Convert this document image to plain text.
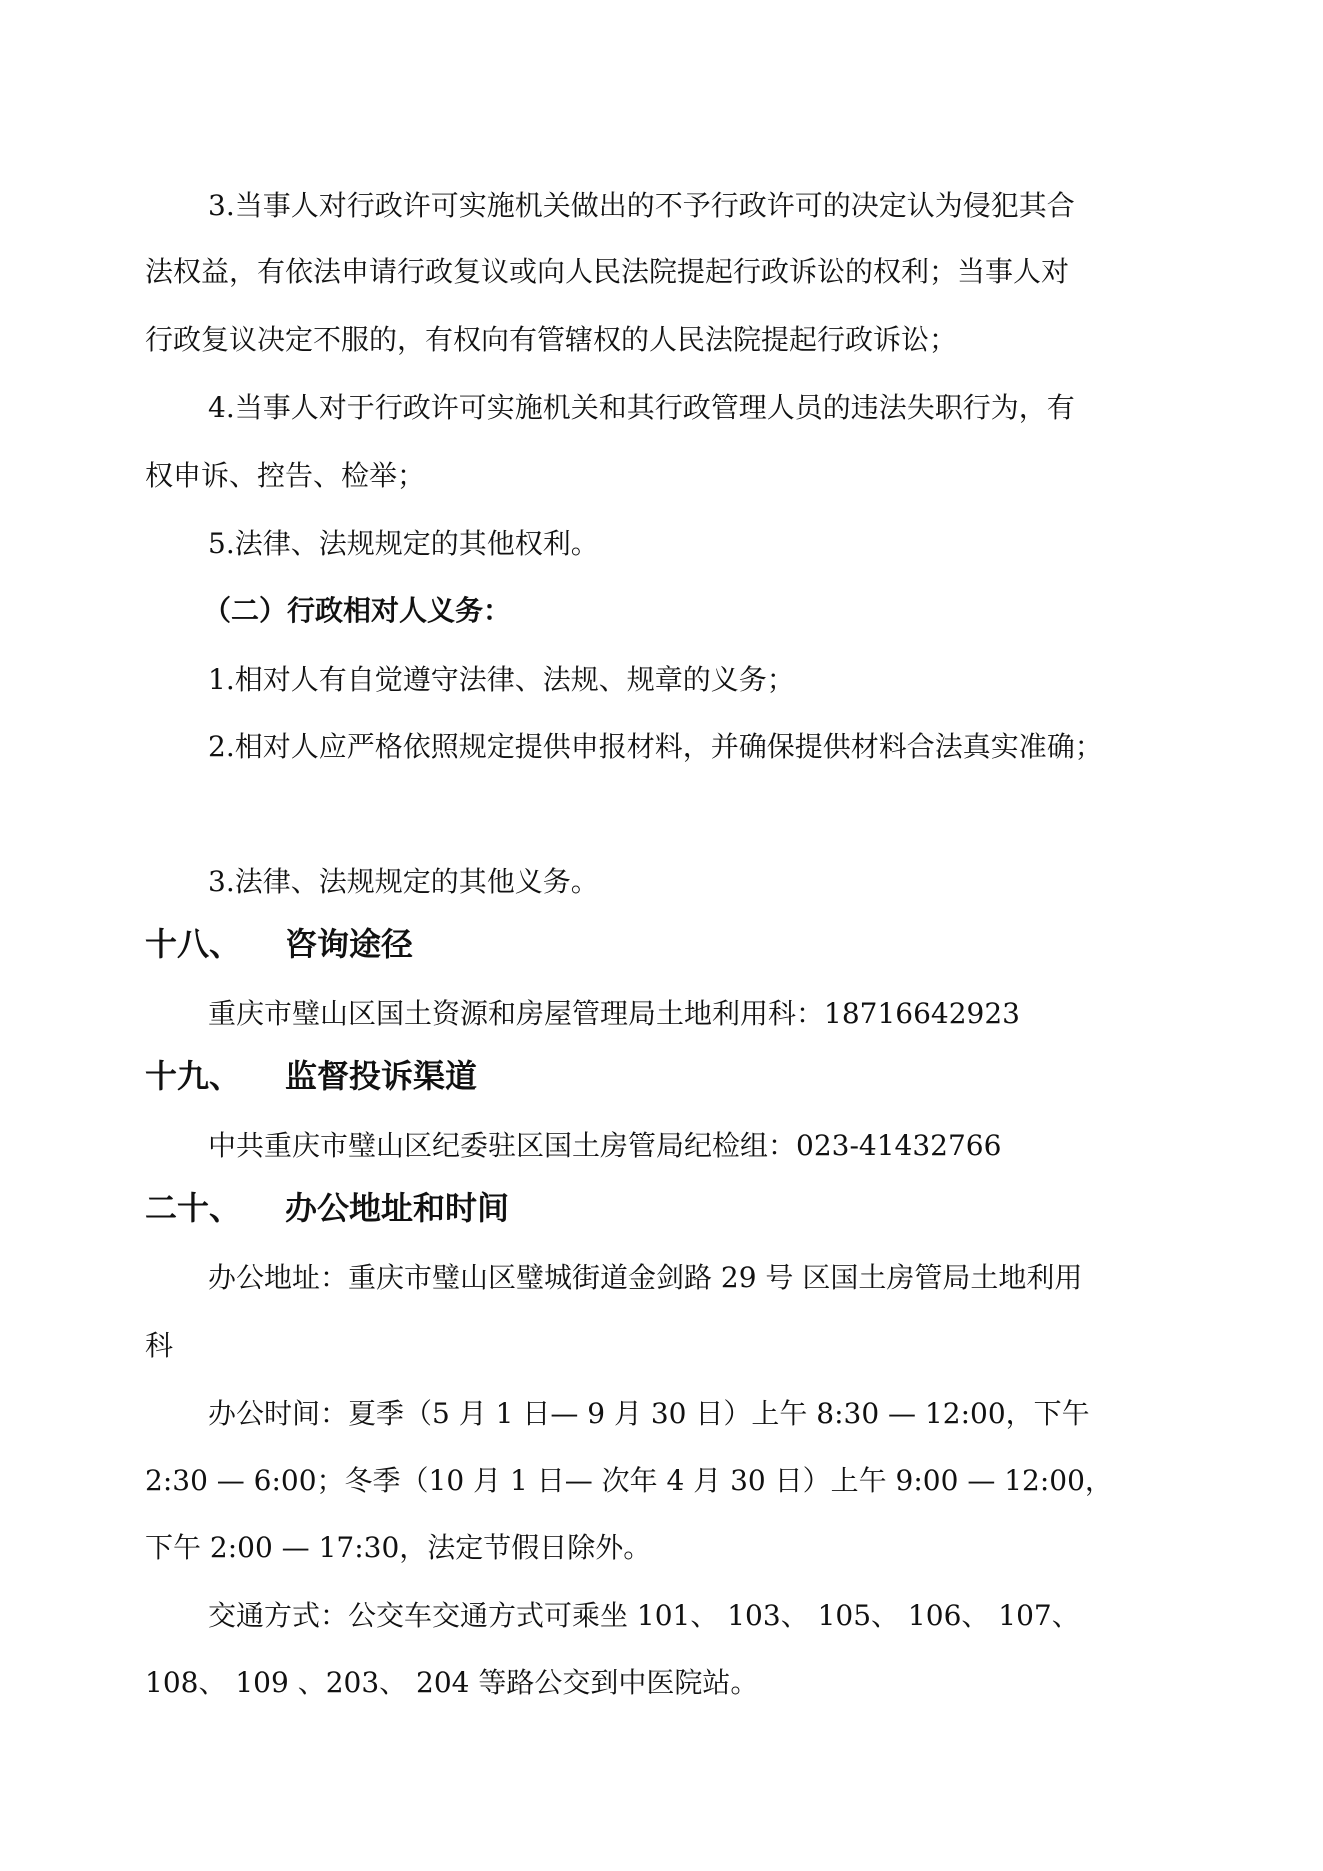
3.当事人对行政许可实施机关做出的不予行政许可的决定认为侵犯其合
法权益，有依法申请行政复议或向人民法院提起行政诉讼的权利；当事人对
行政复议决定不服的，有权向有管辖权的人民法院提起行政诉讼；
4.当事人对于行政许可实施机关和其行政管理人员的违法失职行为，有
权申诉、控告、检举；
5.法律、法规规定的其他权利。
（二）行政相对人义务：
1.相对人有自觉遵守法律、法规、规章的义务；
2.相对人应严格依照规定提供申报材料，并确保提供材料合法真实准确；
3.法律、法规规定的其他义务。
十八、 咨询途径
重庆市璧山区国土资源和房屋管理局土地利用科：18716642923
十九、 监督投诉渠道
中共重庆市璧山区纪委驻区国土房管局纪检组：023-41432766
二十、 办公地址和时间
办公地址：重庆市璧山区璧城街道金剑路 29 号 区国土房管局土地利用
科
办公时间：夏季（5 月 1 日— 9 月 30 日）上午 8:30 — 12:00，下午
2:30 — 6:00；冬季（10 月 1 日— 次年 4 月 30 日）上午 9:00 — 12:00，
下午 2:00 — 17:30，法定节假日除外。
交通方式：公交车交通方式可乘坐 101、 103、 105、 106、 107、
108、 109 、203、 204 等路公交到中医院站。
